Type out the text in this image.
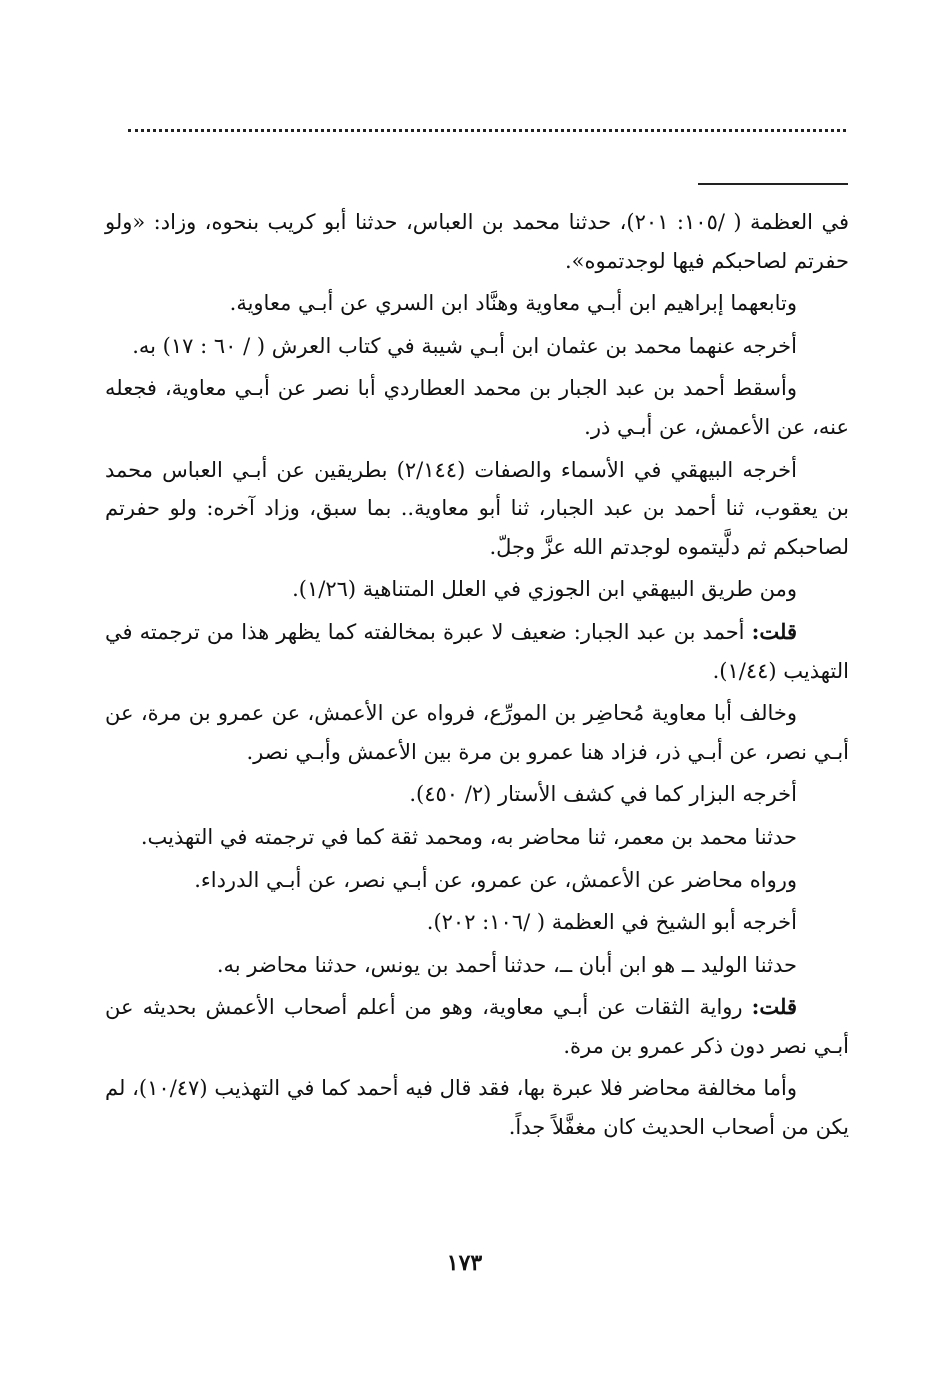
في العظمة ( /١٠٥: ٢٠١)، حدثنا محمد بن العباس، حدثنا أبو كريب بنحوه، وزاد: «ولو حفرتم لصاحبكم فيها لوجدتموه».

وتابعهما إبراهيم ابن أبـي معاوية وهنَّاد ابن السري عن أبـي معاوية.

أخرجه عنهما محمد بن عثمان ابن أبـي شيبة في كتاب العرش ( / ٦٠ : ١٧) به.

وأسقط أحمد بن عبد الجبار بن محمد العطاردي أبا نصر عن أبـي معاوية، فجعله عنه، عن الأعمش، عن أبـي ذر.

أخرجه البيهقي في الأسماء والصفات (٢/١٤٤) بطريقين عن أبـي العباس محمد بن يعقوب، ثنا أحمد بن عبد الجبار، ثنا أبو معاوية.. بما سبق، وزاد آخره: ولو حفرتم لصاحبكم ثم دلَّيتموه لوجدتم الله عزَّ وجلّ.

ومن طريق البيهقي ابن الجوزي في العلل المتناهية (١/٢٦).

قلت: أحمد بن عبد الجبار: ضعيف لا عبرة بمخالفته كما يظهر هذا من ترجمته في التهذيب (١/٤٤).

وخالف أبا معاوية مُحاضِر بن المورِّع، فرواه عن الأعمش، عن عمرو بن مرة، عن أبـي نصر، عن أبـي ذر، فزاد هنا عمرو بن مرة بين الأعمش وأبـي نصر.

أخرجه البزار كما في كشف الأستار (٢/ ٤٥٠).

حدثنا محمد بن معمر، ثنا محاضر به، ومحمد ثقة كما في ترجمته في التهذيب.

ورواه محاضر عن الأعمش، عن عمرو، عن أبـي نصر، عن أبـي الدرداء.

أخرجه أبو الشيخ في العظمة ( /١٠٦: ٢٠٢).

حدثنا الوليد ــ هو ابن أبان ــ، حدثنا أحمد بن يونس، حدثنا محاضر به.

قلت: رواية الثقات عن أبـي معاوية، وهو من أعلم أصحاب الأعمش بحديثه عن أبـي نصر دون ذكر عمرو بن مرة.

وأما مخالفة محاضر فلا عبرة بها، فقد قال فيه أحمد كما في التهذيب (١٠/٤٧)، لم يكن من أصحاب الحديث كان مغفَّلاً جداً.

١٧٣
